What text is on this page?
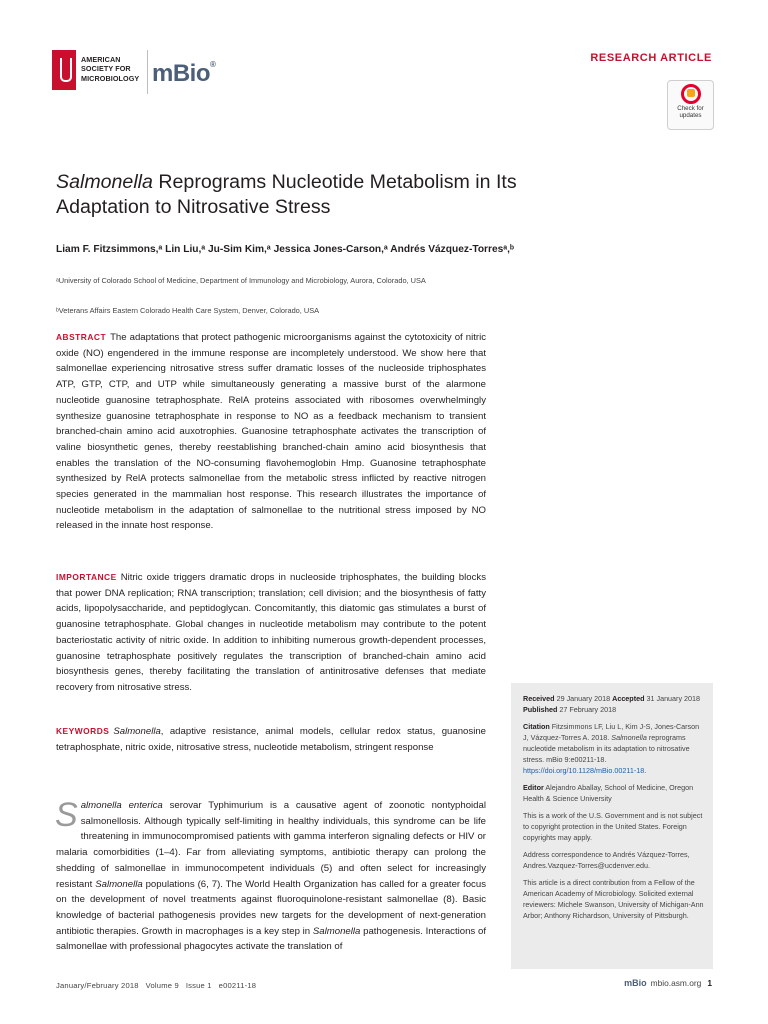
AMERICAN
SOCIETY FOR
MICROBIOLOGY mBio®
RESEARCH ARTICLE
Check for
updates
Salmonella Reprograms Nucleotide Metabolism in Its
Adaptation to Nitrosative Stress
Liam F. Fitzsimmons,ᵃ Lin Liu,ᵃ Ju-Sim Kim,ᵃ Jessica Jones-Carson,ᵃ Andrés Vázquez-Torresᵃ,ᵇ
ᵃUniversity of Colorado School of Medicine, Department of Immunology and Microbiology, Aurora, Colorado, USA
ᵇVeterans Affairs Eastern Colorado Health Care System, Denver, Colorado, USA
ABSTRACT The adaptations that protect pathogenic microorganisms against the cytotoxicity of nitric oxide (NO) engendered in the immune response are incompletely understood. We show here that salmonellae experiencing nitrosative stress suffer dramatic losses of the nucleoside triphosphates ATP, GTP, CTP, and UTP while simultaneously generating a massive burst of the alarmone nucleotide guanosine tetraphosphate. RelA proteins associated with ribosomes overwhelmingly synthesize guanosine tetraphosphate in response to NO as a feedback mechanism to transient branched-chain amino acid auxotrophies. Guanosine tetraphosphate activates the transcription of valine biosynthetic genes, thereby reestablishing branched-chain amino acid biosynthesis that enables the translation of the NO-consuming flavohemoglobin Hmp. Guanosine tetraphosphate synthesized by RelA protects salmonellae from the metabolic stress inflicted by reactive nitrogen species generated in the mammalian host response. This research illustrates the importance of nucleotide metabolism in the adaptation of salmonellae to the nutritional stress imposed by NO released in the innate host response.
IMPORTANCE Nitric oxide triggers dramatic drops in nucleoside triphosphates, the building blocks that power DNA replication; RNA transcription; translation; cell division; and the biosynthesis of fatty acids, lipopolysaccharide, and peptidoglycan. Concomitantly, this diatomic gas stimulates a burst of guanosine tetraphosphate. Global changes in nucleotide metabolism may contribute to the potent bacteriostatic activity of nitric oxide. In addition to inhibiting numerous growth-dependent processes, guanosine tetraphosphate positively regulates the transcription of branched-chain amino acid biosynthesis genes, thereby facilitating the translation of antinitrosative defenses that mediate recovery from nitrosative stress.
KEYWORDS Salmonella, adaptive resistance, animal models, cellular redox status, guanosine tetraphosphate, nitric oxide, nitrosative stress, nucleotide metabolism, stringent response
Salmonella enterica serovar Typhimurium is a causative agent of zoonotic nontyphoidal salmonellosis. Although typically self-limiting in healthy individuals, this syndrome can be life threatening in immunocompromised patients with gamma interferon signaling defects or HIV or malaria comorbidities (1–4). Far from alleviating symptoms, antibiotic therapy can prolong the shedding of salmonellae in immunocompetent individuals (5) and often select for increasingly resistant Salmonella populations (6, 7). The World Health Organization has called for a greater focus on the development of novel treatments against fluoroquinolone-resistant salmonellae (8). Basic knowledge of bacterial pathogenesis provides new targets for the development of next-generation antibiotic therapies. Growth in macrophages is a key step in Salmonella pathogenesis. Interactions of salmonellae with professional phagocytes activate the translation of

Received 29 January 2018 Accepted 31 January 2018 Published 27 February 2018

Citation Fitzsimmons LF, Liu L, Kim J-S, Jones-Carson J, Vázquez-Torres A. 2018. Salmonella reprograms nucleotide metabolism in its adaptation to nitrosative stress. mBio 9:e00211-18. https://doi.org/10.1128/mBio.00211-18.

Editor Alejandro Aballay, School of Medicine, Oregon Health & Science University

This is a work of the U.S. Government and is not subject to copyright protection in the United States. Foreign copyrights may apply.

Address correspondence to Andrés Vázquez-Torres, Andres.Vazquez-Torres@ucdenver.edu.

This article is a direct contribution from a Fellow of the American Academy of Microbiology. Solicited external reviewers: Michele Swanson, University of Michigan-Ann Arbor; Anthony Richardson, University of Pittsburgh.

January/February 2018   Volume 9   Issue 1   e00211-18	mBio mbio.asm.org 1
